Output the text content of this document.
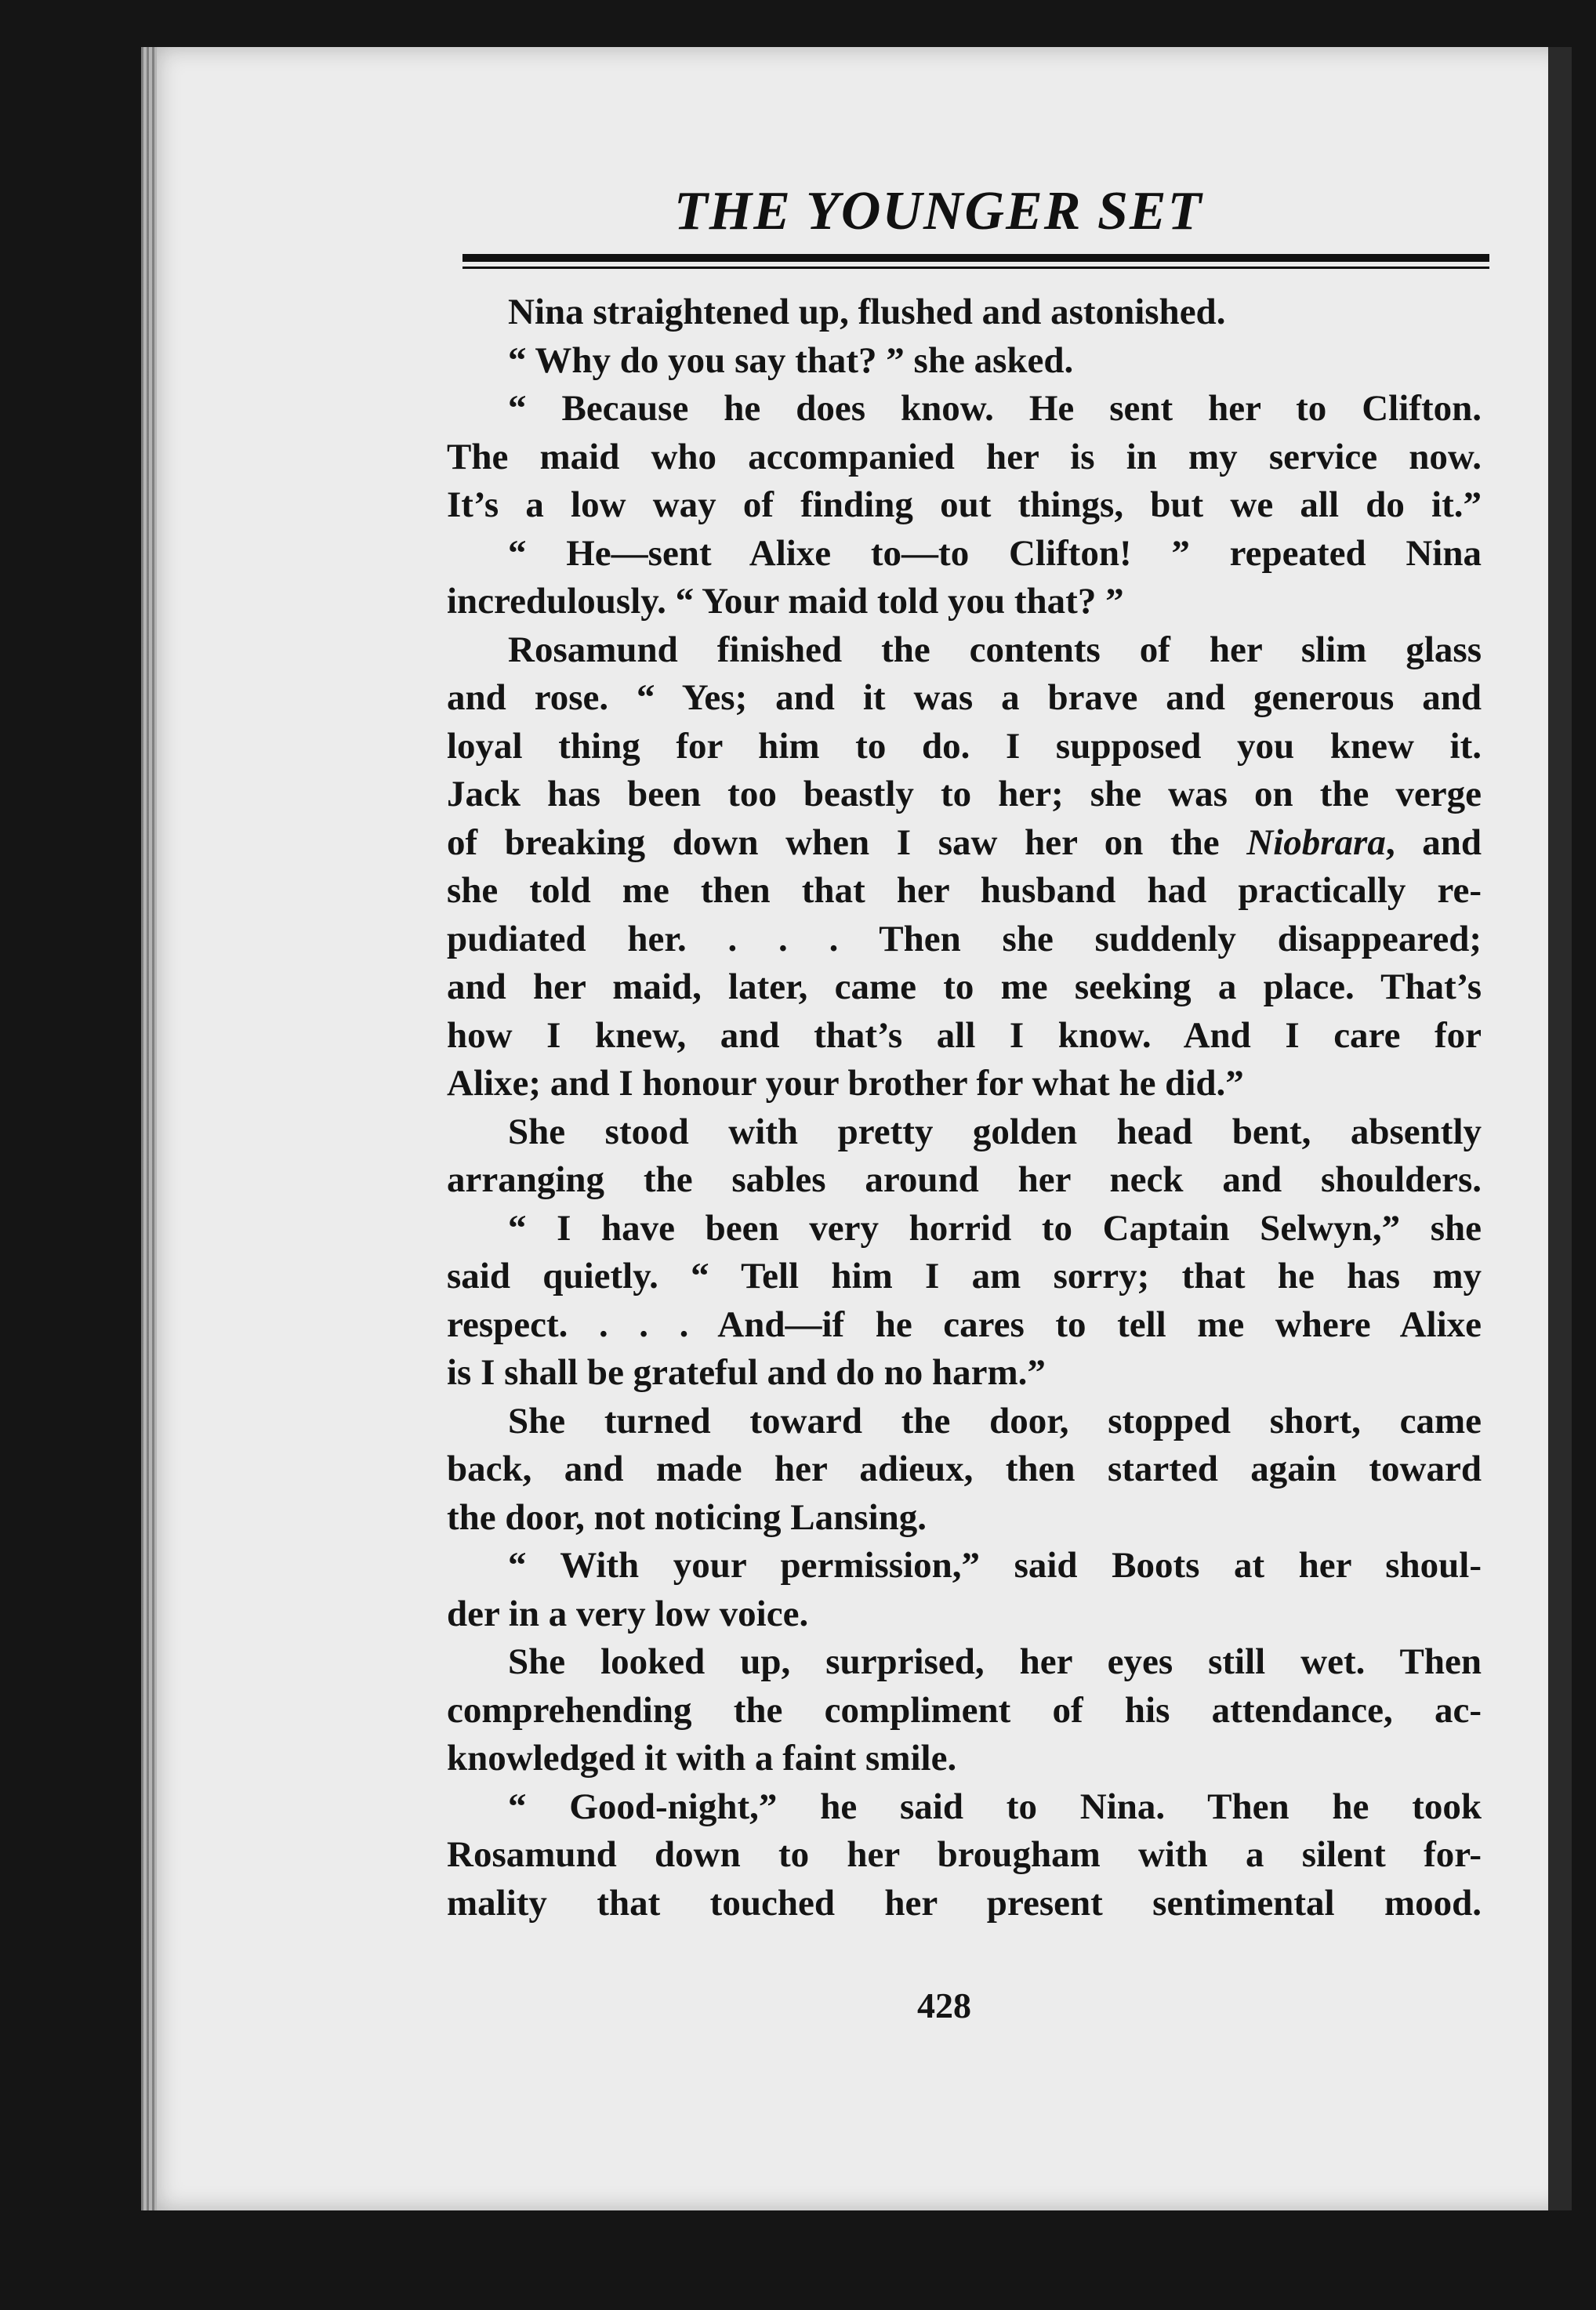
THE YOUNGER SET
Nina straightened up, flushed and astonished.
“ Why do you say that? ” she asked.
“ Because he does know. He sent her to Clifton.
The maid who accompanied her is in my service now.
It’s a low way of finding out things, but we all do it.”
“ He—sent Alixe to—to Clifton! ” repeated Nina
incredulously. “ Your maid told you that? ”
Rosamund finished the contents of her slim glass
and rose. “ Yes; and it was a brave and generous and
loyal thing for him to do. I supposed you knew it.
Jack has been too beastly to her; she was on the verge
of breaking down when I saw her on the Niobrara, and
she told me then that her husband had practically re-
pudiated her. . . . Then she suddenly disappeared;
and her maid, later, came to me seeking a place. That’s
how I knew, and that’s all I know. And I care for
Alixe; and I honour your brother for what he did.”
She stood with pretty golden head bent, absently
arranging the sables around her neck and shoulders.
“ I have been very horrid to Captain Selwyn,” she
said quietly. “ Tell him I am sorry; that he has my
respect. . . . And—if he cares to tell me where Alixe
is I shall be grateful and do no harm.”
She turned toward the door, stopped short, came
back, and made her adieux, then started again toward
the door, not noticing Lansing.
“ With your permission,” said Boots at her shoul-
der in a very low voice.
She looked up, surprised, her eyes still wet. Then
comprehending the compliment of his attendance, ac-
knowledged it with a faint smile.
“ Good-night,” he said to Nina. Then he took
Rosamund down to her brougham with a silent for-
mality that touched her present sentimental mood.
428
